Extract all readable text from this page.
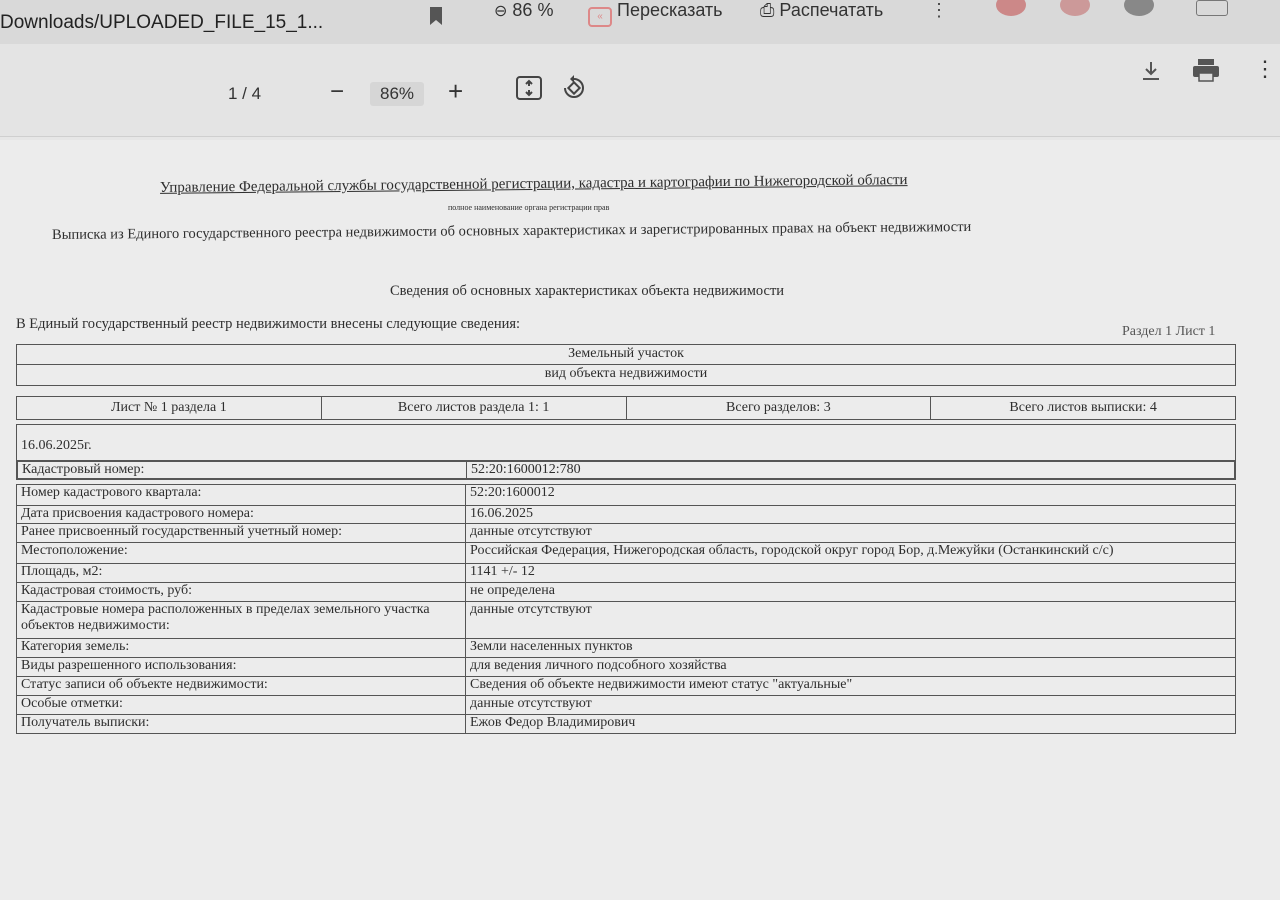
Downloads/UPLOADED_FILE_15_1...
⊖ 86 %	« Пересказать ⎙ Распечатать	⋮
1 / 4	−	86%	+
⋮
Управление Федеральной службы государственной регистрации, кадастра и картографии по Нижегородской области
полное наименование органа регистрации прав
Выписка из Единого государственного реестра недвижимости об основных характеристиках и зарегистрированных правах на объект недвижимости
Сведения об основных характеристиках объекта недвижимости
В Единый государственный реестр недвижимости внесены следующие сведения:	Раздел 1 Лист 1
Земельный участок
вид объекта недвижимости
Лист № 1 раздела 1	Всего листов раздела 1: 1	Всего разделов: 3	Всего листов выписки: 4
16.06.2025г.
Кадастровый номер:	52:20:1600012:780
Номер кадастрового квартала:	52:20:1600012
Дата присвоения кадастрового номера:	16.06.2025
Ранее присвоенный государственный учетный номер:	данные отсутствуют
Местоположение:	Российская Федерация, Нижегородская область, городской округ город Бор, д.Межуйки (Останкинский с/с)
Площадь, м2:	1141 +/- 12
Кадастровая стоимость, руб:	не определена
Кадастровые номера расположенных в пределах земельного участка объектов недвижимости:	данные отсутствуют
Категория земель:	Земли населенных пунктов
Виды разрешенного использования:	для ведения личного подсобного хозяйства
Статус записи об объекте недвижимости:	Сведения об объекте недвижимости имеют статус "актуальные"
Особые отметки:	данные отсутствуют
Получатель выписки:	Ежов Федор Владимирович
